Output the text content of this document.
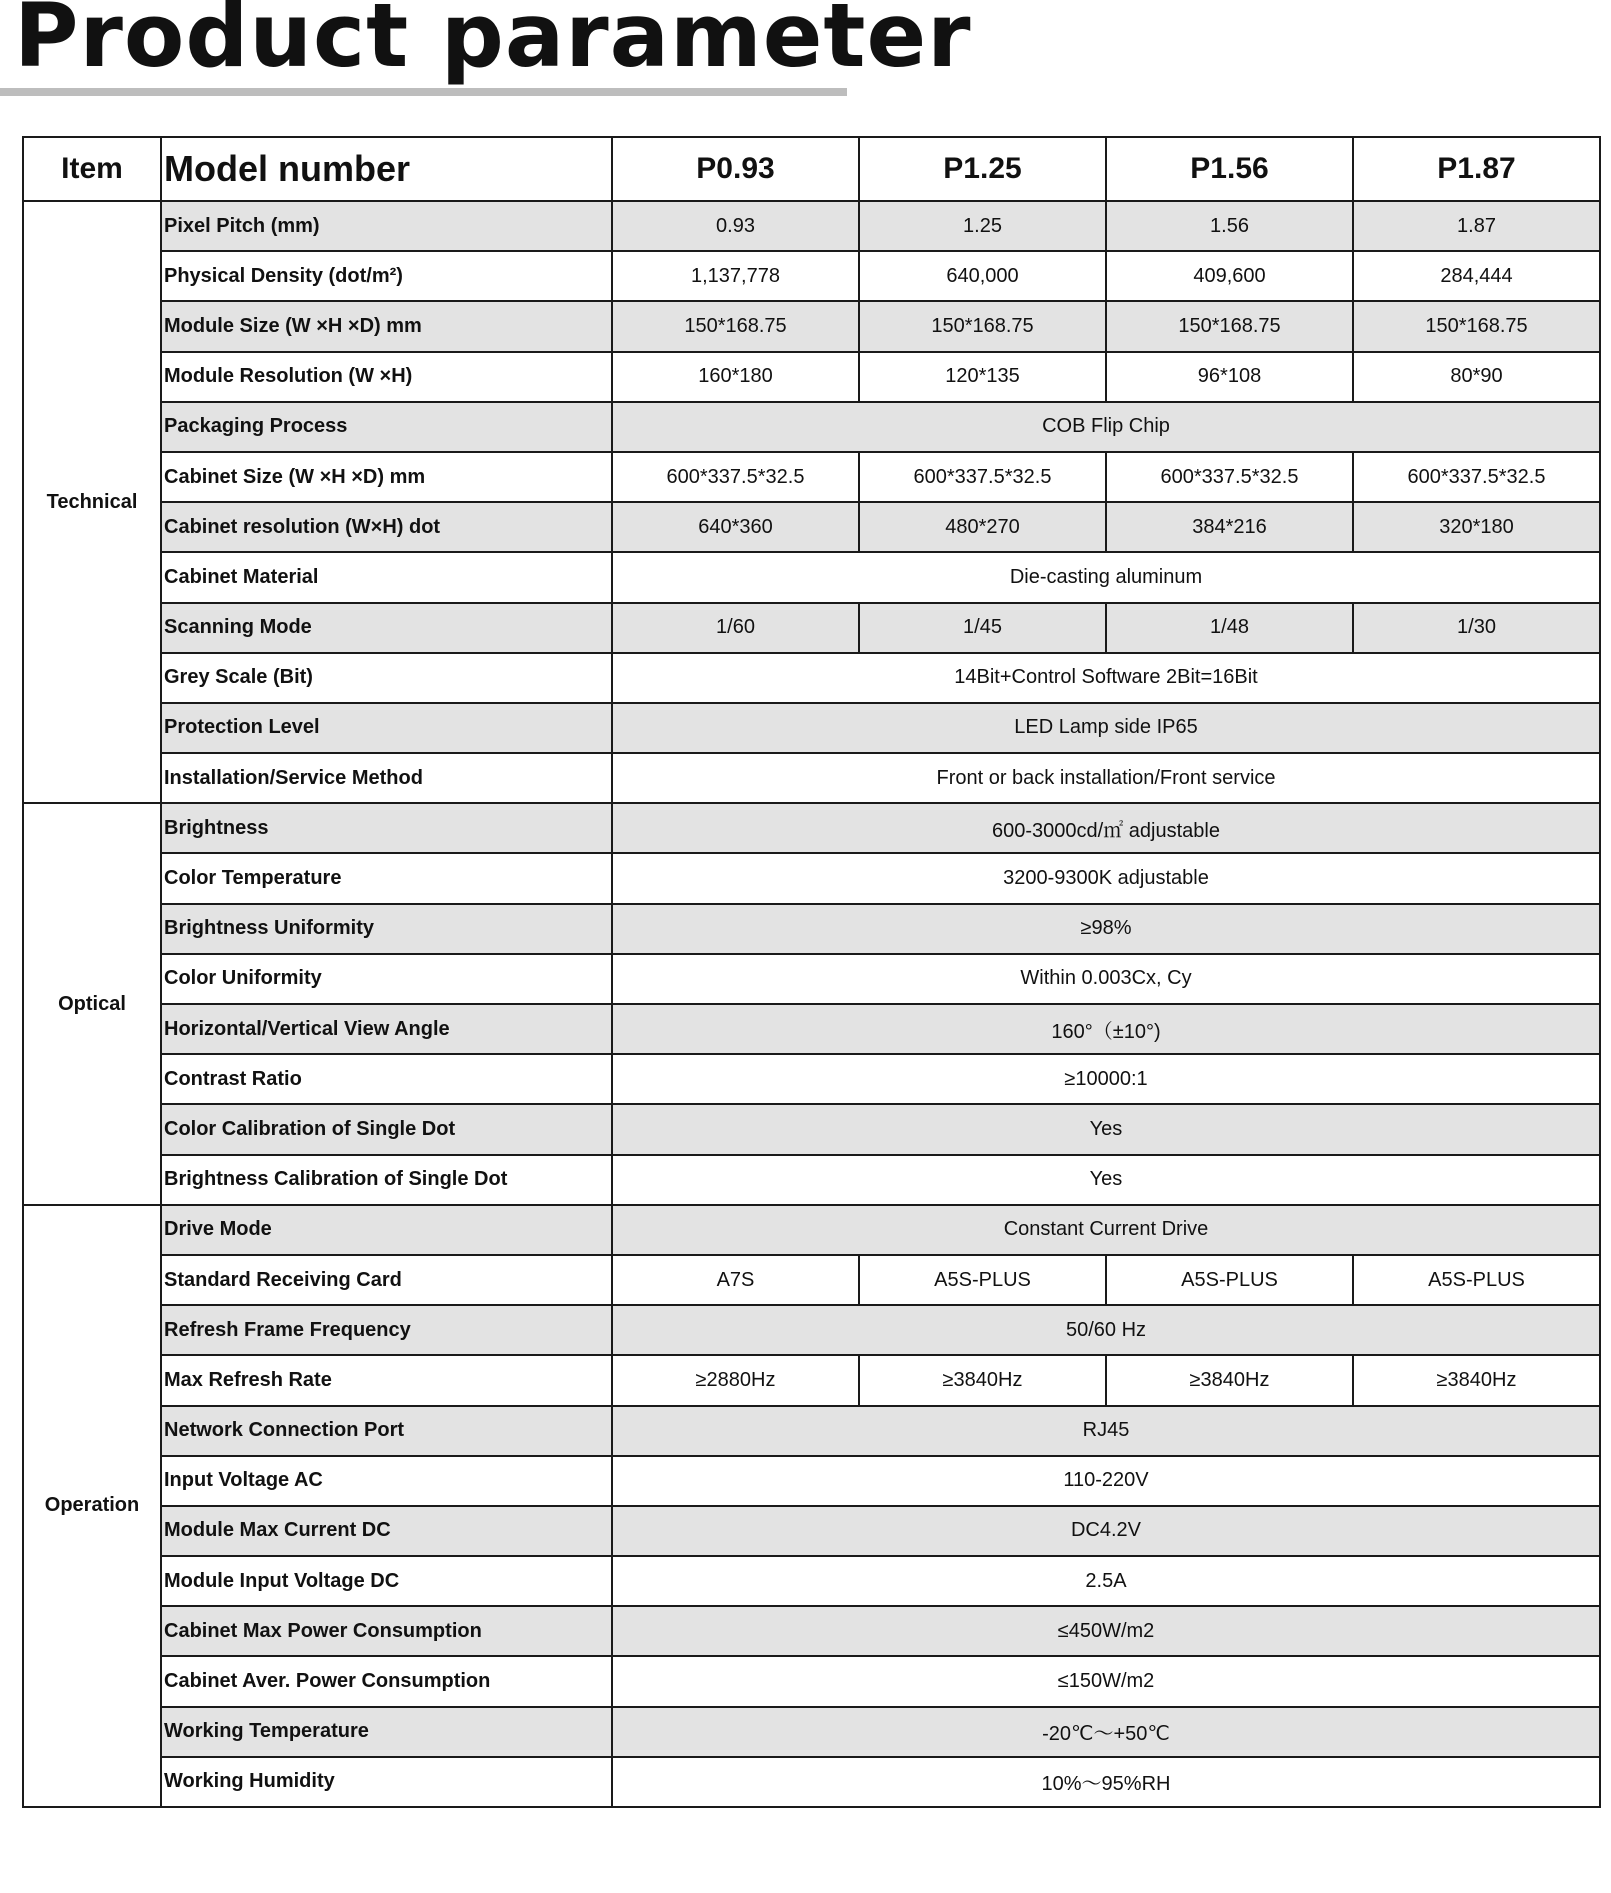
Product parameter
Item	Model number	P0.93	P1.25	P1.56	P1.87
Technical	Pixel Pitch (mm)	0.93	1.25	1.56	1.87
	Physical Density (dot/m²)	1,137,778	640,000	409,600	284,444
	Module Size (W ×H ×D) mm	150*168.75	150*168.75	150*168.75	150*168.75
	Module Resolution (W ×H)	160*180	120*135	96*108	80*90
	Packaging Process	COB Flip Chip			
	Cabinet Size (W ×H ×D) mm	600*337.5*32.5	600*337.5*32.5	600*337.5*32.5	600*337.5*32.5
	Cabinet resolution (W×H) dot	640*360	480*270	384*216	320*180
	Cabinet Material	Die-casting aluminum			
	Scanning Mode	1/60	1/45	1/48	1/30
	Grey Scale (Bit)	14Bit+Control Software 2Bit=16Bit			
	Protection Level	LED Lamp side IP65			
	Installation/Service Method	Front or back installation/Front service			
Optical	Brightness	600-3000cd/㎡ adjustable			
	Color Temperature	3200-9300K adjustable			
	Brightness Uniformity	≥98%			
	Color Uniformity	Within 0.003Cx, Cy			
	Horizontal/Vertical View Angle	160°（±10°)			
	Contrast Ratio	≥10000:1			
	Color Calibration of Single Dot	Yes			
	Brightness Calibration of Single Dot	Yes			
Operation	Drive Mode	Constant Current Drive			
	Standard Receiving Card	A7S	A5S-PLUS	A5S-PLUS	A5S-PLUS
	Refresh Frame Frequency	50/60 Hz			
	Max Refresh Rate	≥2880Hz	≥3840Hz	≥3840Hz	≥3840Hz
	Network Connection Port	RJ45			
	Input Voltage AC	110-220V			
	Module Max Current DC	DC4.2V			
	Module Input Voltage DC	2.5A			
	Cabinet Max Power Consumption	≤450W/m2			
	Cabinet Aver. Power Consumption	≤150W/m2			
	Working Temperature	-20℃～+50℃			
	Working Humidity	10%～95%RH			
